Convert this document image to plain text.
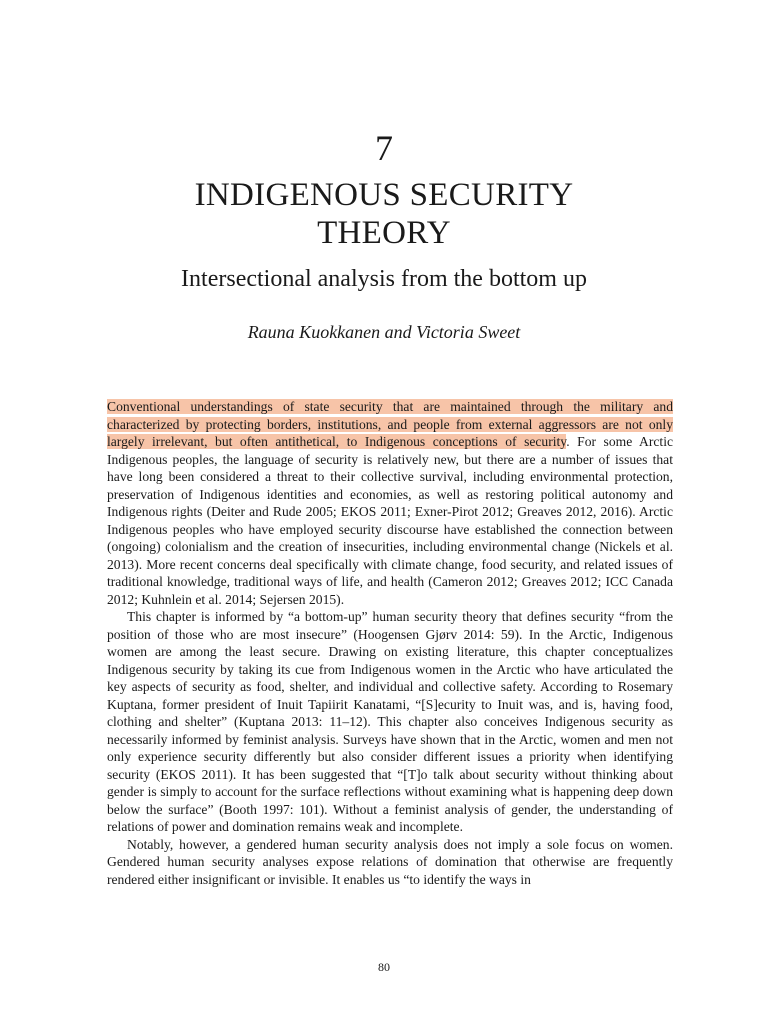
7
INDIGENOUS SECURITY
THEORY
Intersectional analysis from the bottom up
Rauna Kuokkanen and Victoria Sweet

Conventional understandings of state security that are maintained through the military and characterized by protecting borders, institutions, and people from external aggressors are not only largely irrelevant, but often antithetical, to Indigenous conceptions of security. For some Arctic Indigenous peoples, the language of security is relatively new, but there are a number of issues that have long been considered a threat to their collective survival, including environmental protection, preservation of Indigenous identities and economies, as well as restoring political autonomy and Indigenous rights (Deiter and Rude 2005; EKOS 2011; Exner-Pirot 2012; Greaves 2012, 2016). Arctic Indigenous peoples who have employed security discourse have established the connection between (ongoing) colonialism and the creation of insecurities, including environmental change (Nickels et al. 2013). More recent concerns deal specifically with climate change, food security, and related issues of traditional knowledge, traditional ways of life, and health (Cameron 2012; Greaves 2012; ICC Canada 2012; Kuhnlein et al. 2014; Sejersen 2015).

This chapter is informed by “a bottom-up” human security theory that defines security “from the position of those who are most insecure” (Hoogensen Gjørv 2014: 59). In the Arctic, Indigenous women are among the least secure. Drawing on existing literature, this chapter conceptualizes Indigenous security by taking its cue from Indigenous women in the Arctic who have articulated the key aspects of security as food, shelter, and individual and collective safety. According to Rosemary Kuptana, former president of Inuit Tapiirit Kanatami, “[S]ecurity to Inuit was, and is, having food, clothing and shelter” (Kuptana 2013: 11–12). This chapter also conceives Indigenous security as necessarily informed by feminist analysis. Surveys have shown that in the Arctic, women and men not only experience security differently but also consider different issues a priority when identifying security (EKOS 2011). It has been suggested that “[T]o talk about security without thinking about gender is simply to account for the surface reflections without examining what is happening deep down below the surface” (Booth 1997: 101). Without a feminist analysis of gender, the understanding of relations of power and domination remains weak and incomplete.

Notably, however, a gendered human security analysis does not imply a sole focus on women. Gendered human security analyses expose relations of domination that otherwise are frequently rendered either insignificant or invisible. It enables us “to identify the ways in

80
